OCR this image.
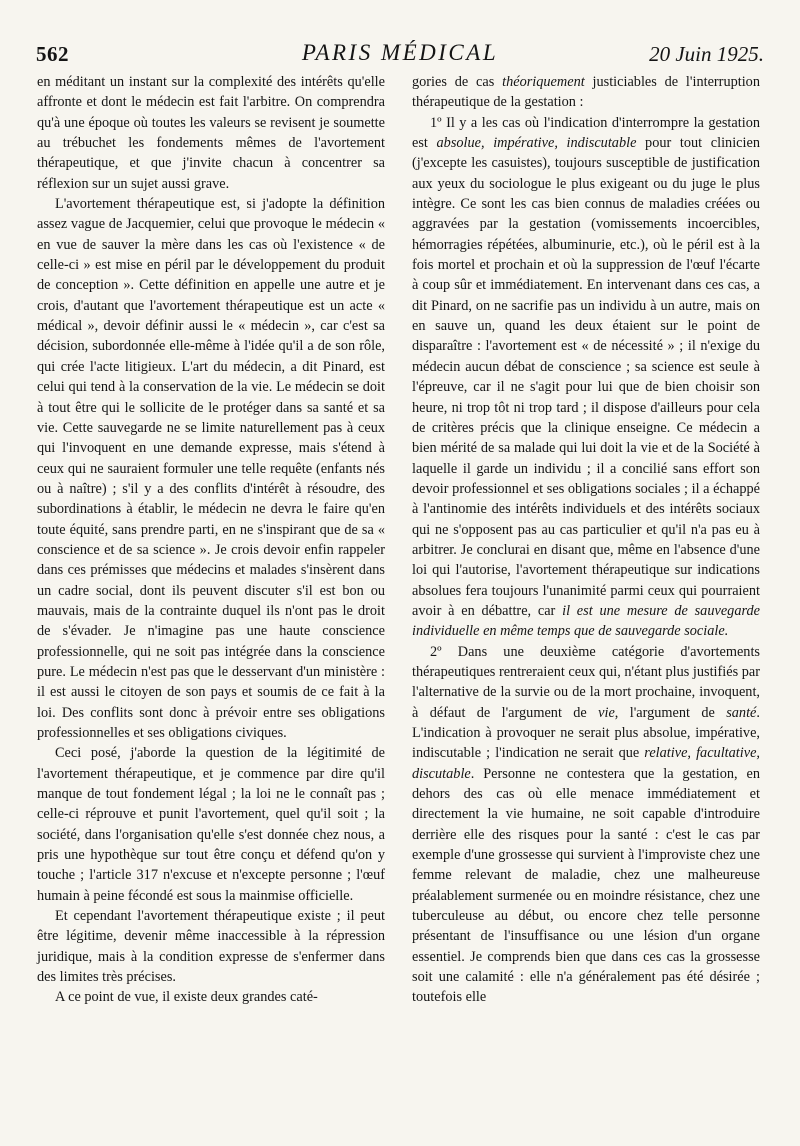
562	PARIS MÉDICAL	20 Juin 1925.

en méditant un instant sur la complexité des intérêts qu'elle affronte et dont le médecin est fait l'arbitre. On comprendra qu'à une époque où toutes les valeurs se revisent je soumette au trébuchet les fondements mêmes de l'avortement thérapeutique, et que j'invite chacun à concentrer sa réflexion sur un sujet aussi grave.

L'avortement thérapeutique est, si j'adopte la définition assez vague de Jacquemier, celui que provoque le médecin « en vue de sauver la mère dans les cas où l'existence « de celle-ci » est mise en péril par le développement du produit de conception ». Cette définition en appelle une autre et je crois, d'autant que l'avortement thérapeutique est un acte « médical », devoir définir aussi le « médecin », car c'est sa décision, subordonnée elle-même à l'idée qu'il a de son rôle, qui crée l'acte litigieux. L'art du médecin, a dit Pinard, est celui qui tend à la conservation de la vie. Le médecin se doit à tout être qui le sollicite de le protéger dans sa santé et sa vie. Cette sauvegarde ne se limite naturellement pas à ceux qui l'invoquent en une demande expresse, mais s'étend à ceux qui ne sauraient formuler une telle requête (enfants nés ou à naître) ; s'il y a des conflits d'intérêt à résoudre, des subordinations à établir, le médecin ne devra le faire qu'en toute équité, sans prendre parti, en ne s'inspirant que de sa « conscience et de sa science ». Je crois devoir enfin rappeler dans ces prémisses que médecins et malades s'insèrent dans un cadre social, dont ils peuvent discuter s'il est bon ou mauvais, mais de la contrainte duquel ils n'ont pas le droit de s'évader. Je n'imagine pas une haute conscience professionnelle, qui ne soit pas intégrée dans la conscience pure. Le médecin n'est pas que le desservant d'un ministère : il est aussi le citoyen de son pays et soumis de ce fait à la loi. Des conflits sont donc à prévoir entre ses obligations professionnelles et ses obligations civiques.

Ceci posé, j'aborde la question de la légitimité de l'avortement thérapeutique, et je commence par dire qu'il manque de tout fondement légal ; la loi ne le connaît pas ; celle-ci réprouve et punit l'avortement, quel qu'il soit ; la société, dans l'organisation qu'elle s'est donnée chez nous, a pris une hypothèque sur tout être conçu et défend qu'on y touche ; l'article 317 n'excuse et n'excepte personne ; l'œuf humain à peine fécondé est sous la mainmise officielle.

Et cependant l'avortement thérapeutique existe ; il peut être légitime, devenir même inaccessible à la répression juridique, mais à la condition expresse de s'enfermer dans des limites très précises.

A ce point de vue, il existe deux grandes caté-

gories de cas théoriquement justiciables de l'interruption thérapeutique de la gestation :

1º Il y a les cas où l'indication d'interrompre la gestation est absolue, impérative, indiscutable pour tout clinicien (j'excepte les casuistes), toujours susceptible de justification aux yeux du sociologue le plus exigeant ou du juge le plus intègre. Ce sont les cas bien connus de maladies créées ou aggravées par la gestation (vomissements incoercibles, hémorragies répétées, albuminurie, etc.), où le péril est à la fois mortel et prochain et où la suppression de l'œuf l'écarte à coup sûr et immédiatement. En intervenant dans ces cas, a dit Pinard, on ne sacrifie pas un individu à un autre, mais on en sauve un, quand les deux étaient sur le point de disparaître : l'avortement est « de nécessité » ; il n'exige du médecin aucun débat de conscience ; sa science est seule à l'épreuve, car il ne s'agit pour lui que de bien choisir son heure, ni trop tôt ni trop tard ; il dispose d'ailleurs pour cela de critères précis que la clinique enseigne. Ce médecin a bien mérité de sa malade qui lui doit la vie et de la Société à laquelle il garde un individu ; il a concilié sans effort son devoir professionnel et ses obligations sociales ; il a échappé à l'antinomie des intérêts individuels et des intérêts sociaux qui ne s'opposent pas au cas particulier et qu'il n'a pas eu à arbitrer. Je conclurai en disant que, même en l'absence d'une loi qui l'autorise, l'avortement thérapeutique sur indications absolues fera toujours l'unanimité parmi ceux qui pourraient avoir à en débattre, car il est une mesure de sauvegarde individuelle en même temps que de sauvegarde sociale.

2º Dans une deuxième catégorie d'avortements thérapeutiques rentreraient ceux qui, n'étant plus justifiés par l'alternative de la survie ou de la mort prochaine, invoquent, à défaut de l'argument de vie, l'argument de santé. L'indication à provoquer ne serait plus absolue, impérative, indiscutable ; l'indication ne serait que relative, facultative, discutable. Personne ne contestera que la gestation, en dehors des cas où elle menace immédiatement et directement la vie humaine, ne soit capable d'introduire derrière elle des risques pour la santé : c'est le cas par exemple d'une grossesse qui survient à l'improviste chez une femme relevant de maladie, chez une malheureuse préalablement surmenée ou en moindre résistance, chez une tuberculeuse au début, ou encore chez telle personne présentant de l'insuffisance ou une lésion d'un organe essentiel. Je comprends bien que dans ces cas la grossesse soit une calamité : elle n'a généralement pas été désirée ; toutefois elle
